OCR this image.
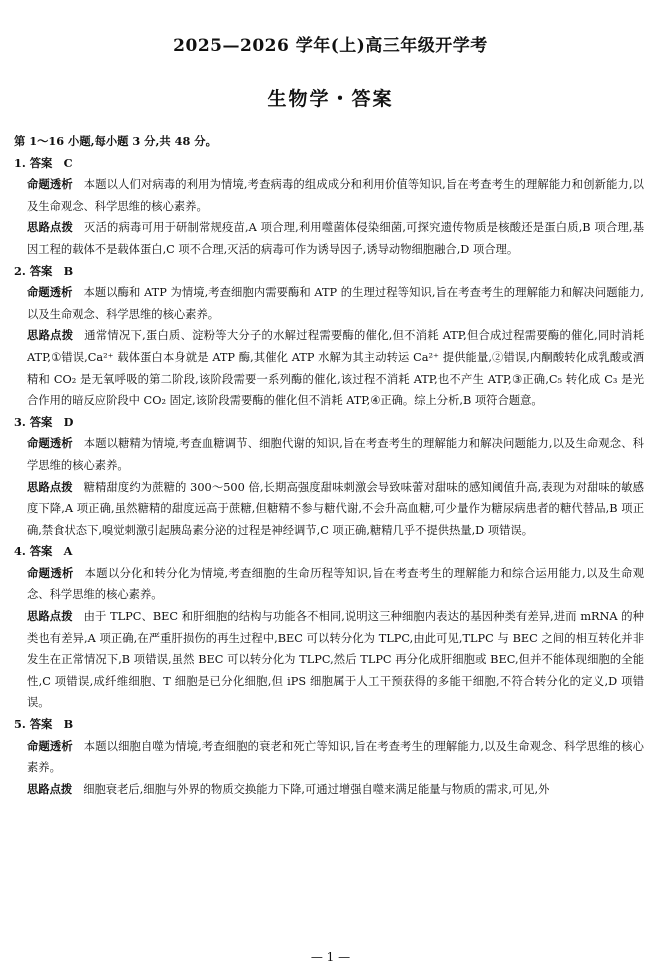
2025—2026 学年(上)高三年级开学考
生物学・答案
第 1～16 小题,每小题 3 分,共 48 分。
1. 答案　C

命题透析 本题以人们对病毒的利用为情境,考查病毒的组成成分和利用价值等知识,旨在考查考生的理解能力和创新能力,以及生命观念、科学思维的核心素养。

思路点拨 灭活的病毒可用于研制常规疫苗,A 项合理,利用噬菌体侵染细菌,可探究遗传物质是核酸还是蛋白质,B 项合理,基因工程的载体不是载体蛋白,C 项不合理,灭活的病毒可作为诱导因子,诱导动物细胞融合,D 项合理。

2. 答案　B

命题透析 本题以酶和 ATP 为情境,考查细胞内需要酶和 ATP 的生理过程等知识,旨在考查考生的理解能力和解决问题能力,以及生命观念、科学思维的核心素养。

思路点拨 通常情况下,蛋白质、淀粉等大分子的水解过程需要酶的催化,但不消耗 ATP,但合成过程需要酶的催化,同时消耗 ATP,①错误,Ca²⁺ 载体蛋白本身就是 ATP 酶,其催化 ATP 水解为其主动转运 Ca²⁺ 提供能量,②错误,内酮酸转化成乳酸或酒精和 CO₂ 是无氧呼吸的第二阶段,该阶段需要一系列酶的催化,该过程不消耗 ATP,也不产生 ATP,③正确,C₅ 转化成 C₃ 是光合作用的暗反应阶段中 CO₂ 固定,该阶段需要酶的催化但不消耗 ATP,④正确。综上分析,B 项符合题意。

3. 答案　D

命题透析 本题以糖精为情境,考查血糖调节、细胞代谢的知识,旨在考查考生的理解能力和解决问题能力,以及生命观念、科学思维的核心素养。

思路点拨 糖精甜度约为蔗糖的 300～500 倍,长期高强度甜味刺激会导致味蕾对甜味的感知阈值升高,表现为对甜味的敏感度下降,A 项正确,虽然糖精的甜度远高于蔗糖,但糖精不参与糖代谢,不会升高血糖,可少量作为糖尿病患者的糖代替品,B 项正确,禁食状态下,嗅觉刺激引起胰岛素分泌的过程是神经调节,C 项正确,糖精几乎不提供热量,D 项错误。

4. 答案　A

命题透析 本题以分化和转分化为情境,考查细胞的生命历程等知识,旨在考查考生的理解能力和综合运用能力,以及生命观念、科学思维的核心素养。

思路点拨 由于 TLPC、BEC 和肝细胞的结构与功能各不相同,说明这三种细胞内表达的基因种类有差异,进而 mRNA 的种类也有差异,A 项正确,在严重肝损伤的再生过程中,BEC 可以转分化为 TLPC,由此可见,TLPC 与 BEC 之间的相互转化并非发生在正常情况下,B 项错误,虽然 BEC 可以转分化为 TLPC,然后 TLPC 再分化成肝细胞或 BEC,但并不能体现细胞的全能性,C 项错误,成纤维细胞、T 细胞是已分化细胞,但 iPS 细胞属于人工干预获得的多能干细胞,不符合转分化的定义,D 项错误。

5. 答案　B

命题透析 本题以细胞自噬为情境,考查细胞的衰老和死亡等知识,旨在考查考生的理解能力,以及生命观念、科学思维的核心素养。

思路点拨 细胞衰老后,细胞与外界的物质交换能力下降,可通过增强自噬来满足能量与物质的需求,可见,外

— 1 —
